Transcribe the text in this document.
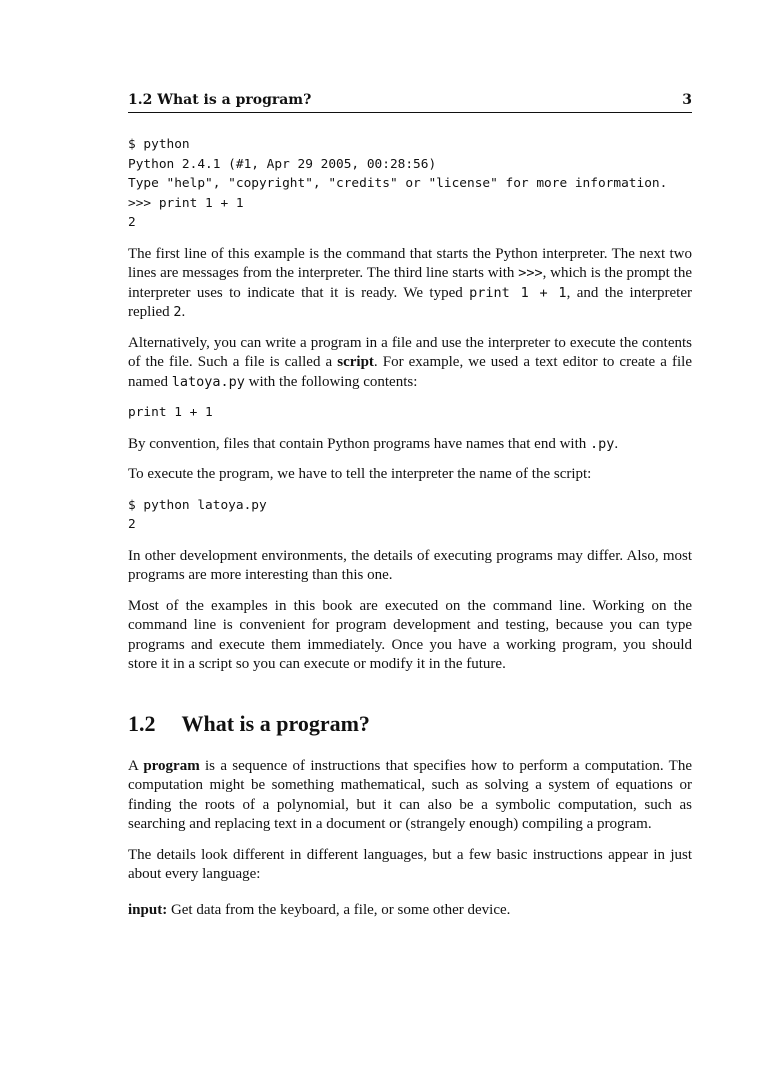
1.2 What is a program?	3
$ python
Python 2.4.1 (#1, Apr 29 2005, 00:28:56)
Type "help", "copyright", "credits" or "license" for more information.
>>> print 1 + 1
2

The first line of this example is the command that starts the Python interpreter. The next two lines are messages from the interpreter. The third line starts with >>>, which is the prompt the interpreter uses to indicate that it is ready. We typed print 1 + 1, and the interpreter replied 2.

Alternatively, you can write a program in a file and use the interpreter to execute the contents of the file. Such a file is called a script. For example, we used a text editor to create a file named latoya.py with the following contents:

print 1 + 1

By convention, files that contain Python programs have names that end with .py.

To execute the program, we have to tell the interpreter the name of the script:

$ python latoya.py
2

In other development environments, the details of executing programs may differ. Also, most programs are more interesting than this one.

Most of the examples in this book are executed on the command line. Working on the command line is convenient for program development and testing, because you can type programs and execute them immediately. Once you have a working program, you should store it in a script so you can execute or modify it in the future.

1.2 What is a program?

A program is a sequence of instructions that specifies how to perform a computation. The computation might be something mathematical, such as solving a system of equations or finding the roots of a polynomial, but it can also be a symbolic computation, such as searching and replacing text in a document or (strangely enough) compiling a program.

The details look different in different languages, but a few basic instructions appear in just about every language:

input: Get data from the keyboard, a file, or some other device.
